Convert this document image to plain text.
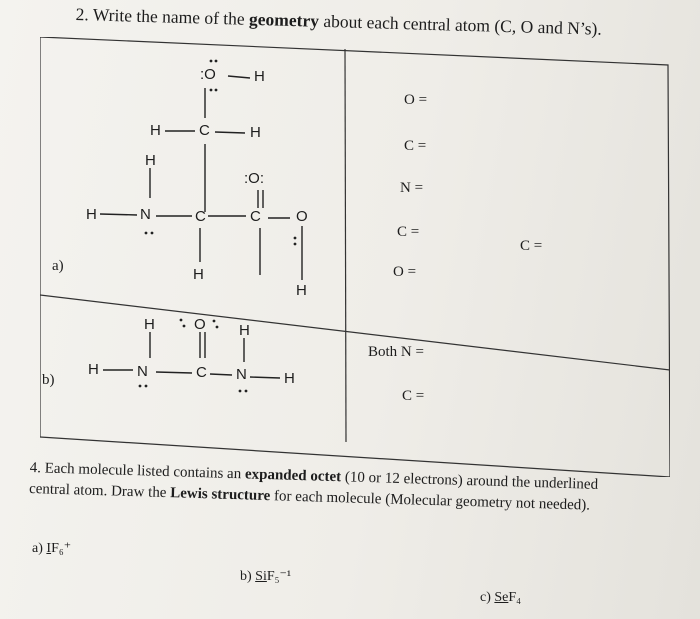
2. Write the name of the geometry about each central atom (C, O and N’s).
a)
b)
O =
C =
N =
C =
O =
C =
Both N =
C =
:O	H
H	C	H
H
:O:
H	N	C	C O
H
H
H	O H
H	N	C N H
4. Each molecule listed contains an expanded octet (10 or 12 electrons) around the underlined central atom. Draw the Lewis structure for each molecule (Molecular geometry not needed).
a) IF₆⁺
b) SiF₅⁻¹
c) SeF₄
